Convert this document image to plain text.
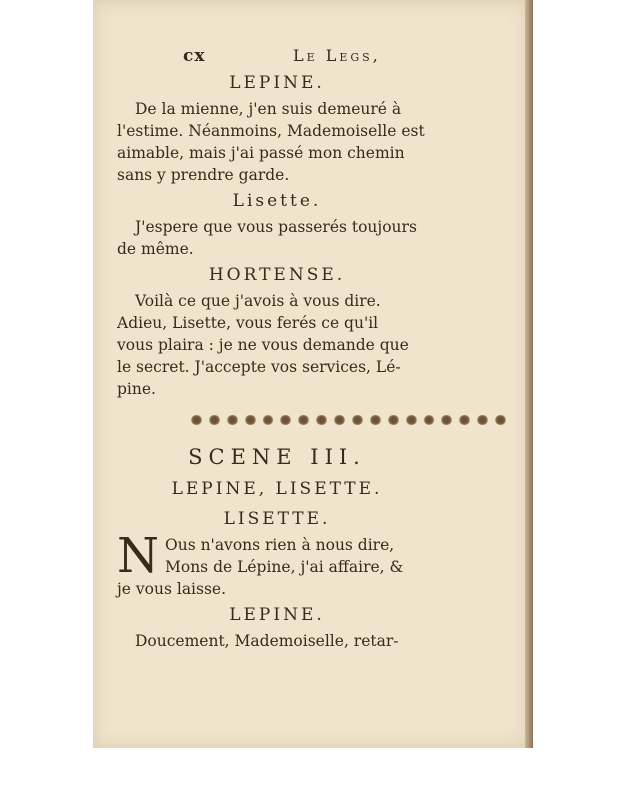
cx	Le Legs,
LEPINE.
De la mienne, j'en suis demeuré à
l'estime. Néanmoins, Mademoiselle est
aimable, mais j'ai passé mon chemin
sans y prendre garde.
Lisette.
J'espere que vous passerés toujours
de même.
HORTENSE.
Voilà ce que j'avois à vous dire.
Adieu, Lisette, vous ferés ce qu'il
vous plaira : je ne vous demande que
le secret. J'accepte vos services, Lé-
pine.
SCENE III.
LEPINE, LISETTE.
LISETTE.
N Ous n'avons rien à nous dire,
Mons de Lépine, j'ai affaire, &
je vous laisse.
LEPINE.
Doucement, Mademoiselle, retar-
